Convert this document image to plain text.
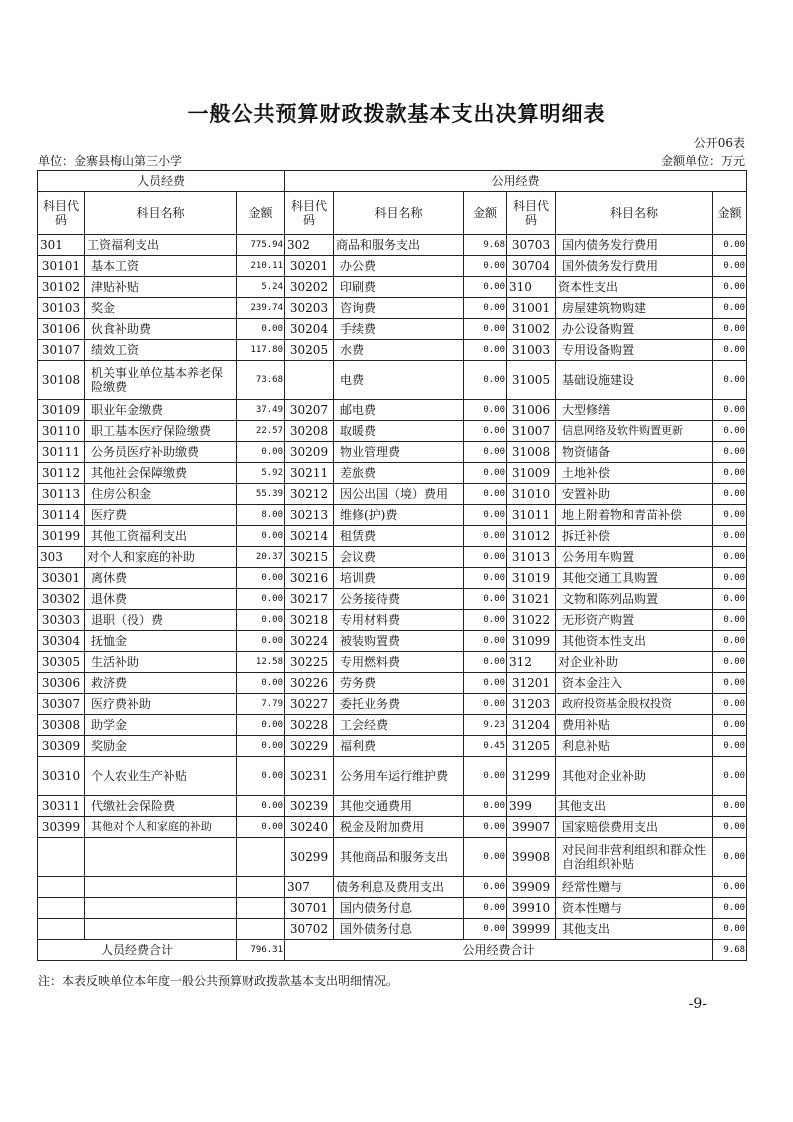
一般公共预算财政拨款基本支出决算明细表
公开06表
单位：金寨县梅山第三小学	金额单位：万元
人员经费			公用经费					
科目代码	科目名称	金额	科目代码	科目名称	金额	科目代码	科目名称	金额
301	工资福利支出	775.94	302	商品和服务支出	9.68	30703	国内债务发行费用	0.00
30101	基本工资	210.11	30201	办公费	0.00	30704	国外债务发行费用	0.00
30102	津贴补贴	5.24	30202	印刷费	0.00	310	资本性支出	0.00
30103	奖金	239.74	30203	咨询费	0.00	31001	房屋建筑物购建	0.00
30106	伙食补助费	0.00	30204	手续费	0.00	31002	办公设备购置	0.00
30107	绩效工资	117.80	30205	水费	0.00	31003	专用设备购置	0.00
30108	机关事业单位基本养老保险缴费	73.68		电费	0.00	31005	基础设施建设	0.00
30109	职业年金缴费	37.49	30207	邮电费	0.00	31006	大型修缮	0.00
30110	职工基本医疗保险缴费	22.57	30208	取暖费	0.00	31007	信息网络及软件购置更新	0.00
30111	公务员医疗补助缴费	0.00	30209	物业管理费	0.00	31008	物资储备	0.00
30112	其他社会保障缴费	5.92	30211	差旅费	0.00	31009	土地补偿	0.00
30113	住房公积金	55.39	30212	因公出国（境）费用	0.00	31010	安置补助	0.00
30114	医疗费	8.00	30213	维修(护)费	0.00	31011	地上附着物和青苗补偿	0.00
30199	其他工资福利支出	0.00	30214	租赁费	0.00	31012	拆迁补偿	0.00
303	对个人和家庭的补助	20.37	30215	会议费	0.00	31013	公务用车购置	0.00
30301	离休费	0.00	30216	培训费	0.00	31019	其他交通工具购置	0.00
30302	退休费	0.00	30217	公务接待费	0.00	31021	文物和陈列品购置	0.00
30303	退职（役）费	0.00	30218	专用材料费	0.00	31022	无形资产购置	0.00
30304	抚恤金	0.00	30224	被装购置费	0.00	31099	其他资本性支出	0.00
30305	生活补助	12.58	30225	专用燃料费	0.00	312	对企业补助	0.00
30306	救济费	0.00	30226	劳务费	0.00	31201	资本金注入	0.00
30307	医疗费补助	7.79	30227	委托业务费	0.00	31203	政府投资基金股权投资	0.00
30308	助学金	0.00	30228	工会经费	9.23	31204	费用补贴	0.00
30309	奖励金	0.00	30229	福利费	0.45	31205	利息补贴	0.00
30310	个人农业生产补贴	0.00	30231	公务用车运行维护费	0.00	31299	其他对企业补助	0.00
30311	代缴社会保险费	0.00	30239	其他交通费用	0.00	399	其他支出	0.00
30399	其他对个人和家庭的补助	0.00	30240	税金及附加费用	0.00	39907	国家赔偿费用支出	0.00
			30299	其他商品和服务支出	0.00	39908	对民间非营利组织和群众性自治组织补贴	0.00
			307	债务利息及费用支出	0.00	39909	经常性赠与	0.00
			30701	国内债务付息	0.00	39910	资本性赠与	0.00
			30702	国外债务付息	0.00	39999	其他支出	0.00
人员经费合计		796.31	公用经费合计					9.68
注：本表反映单位本年度一般公共预算财政拨款基本支出明细情况。
-9-
